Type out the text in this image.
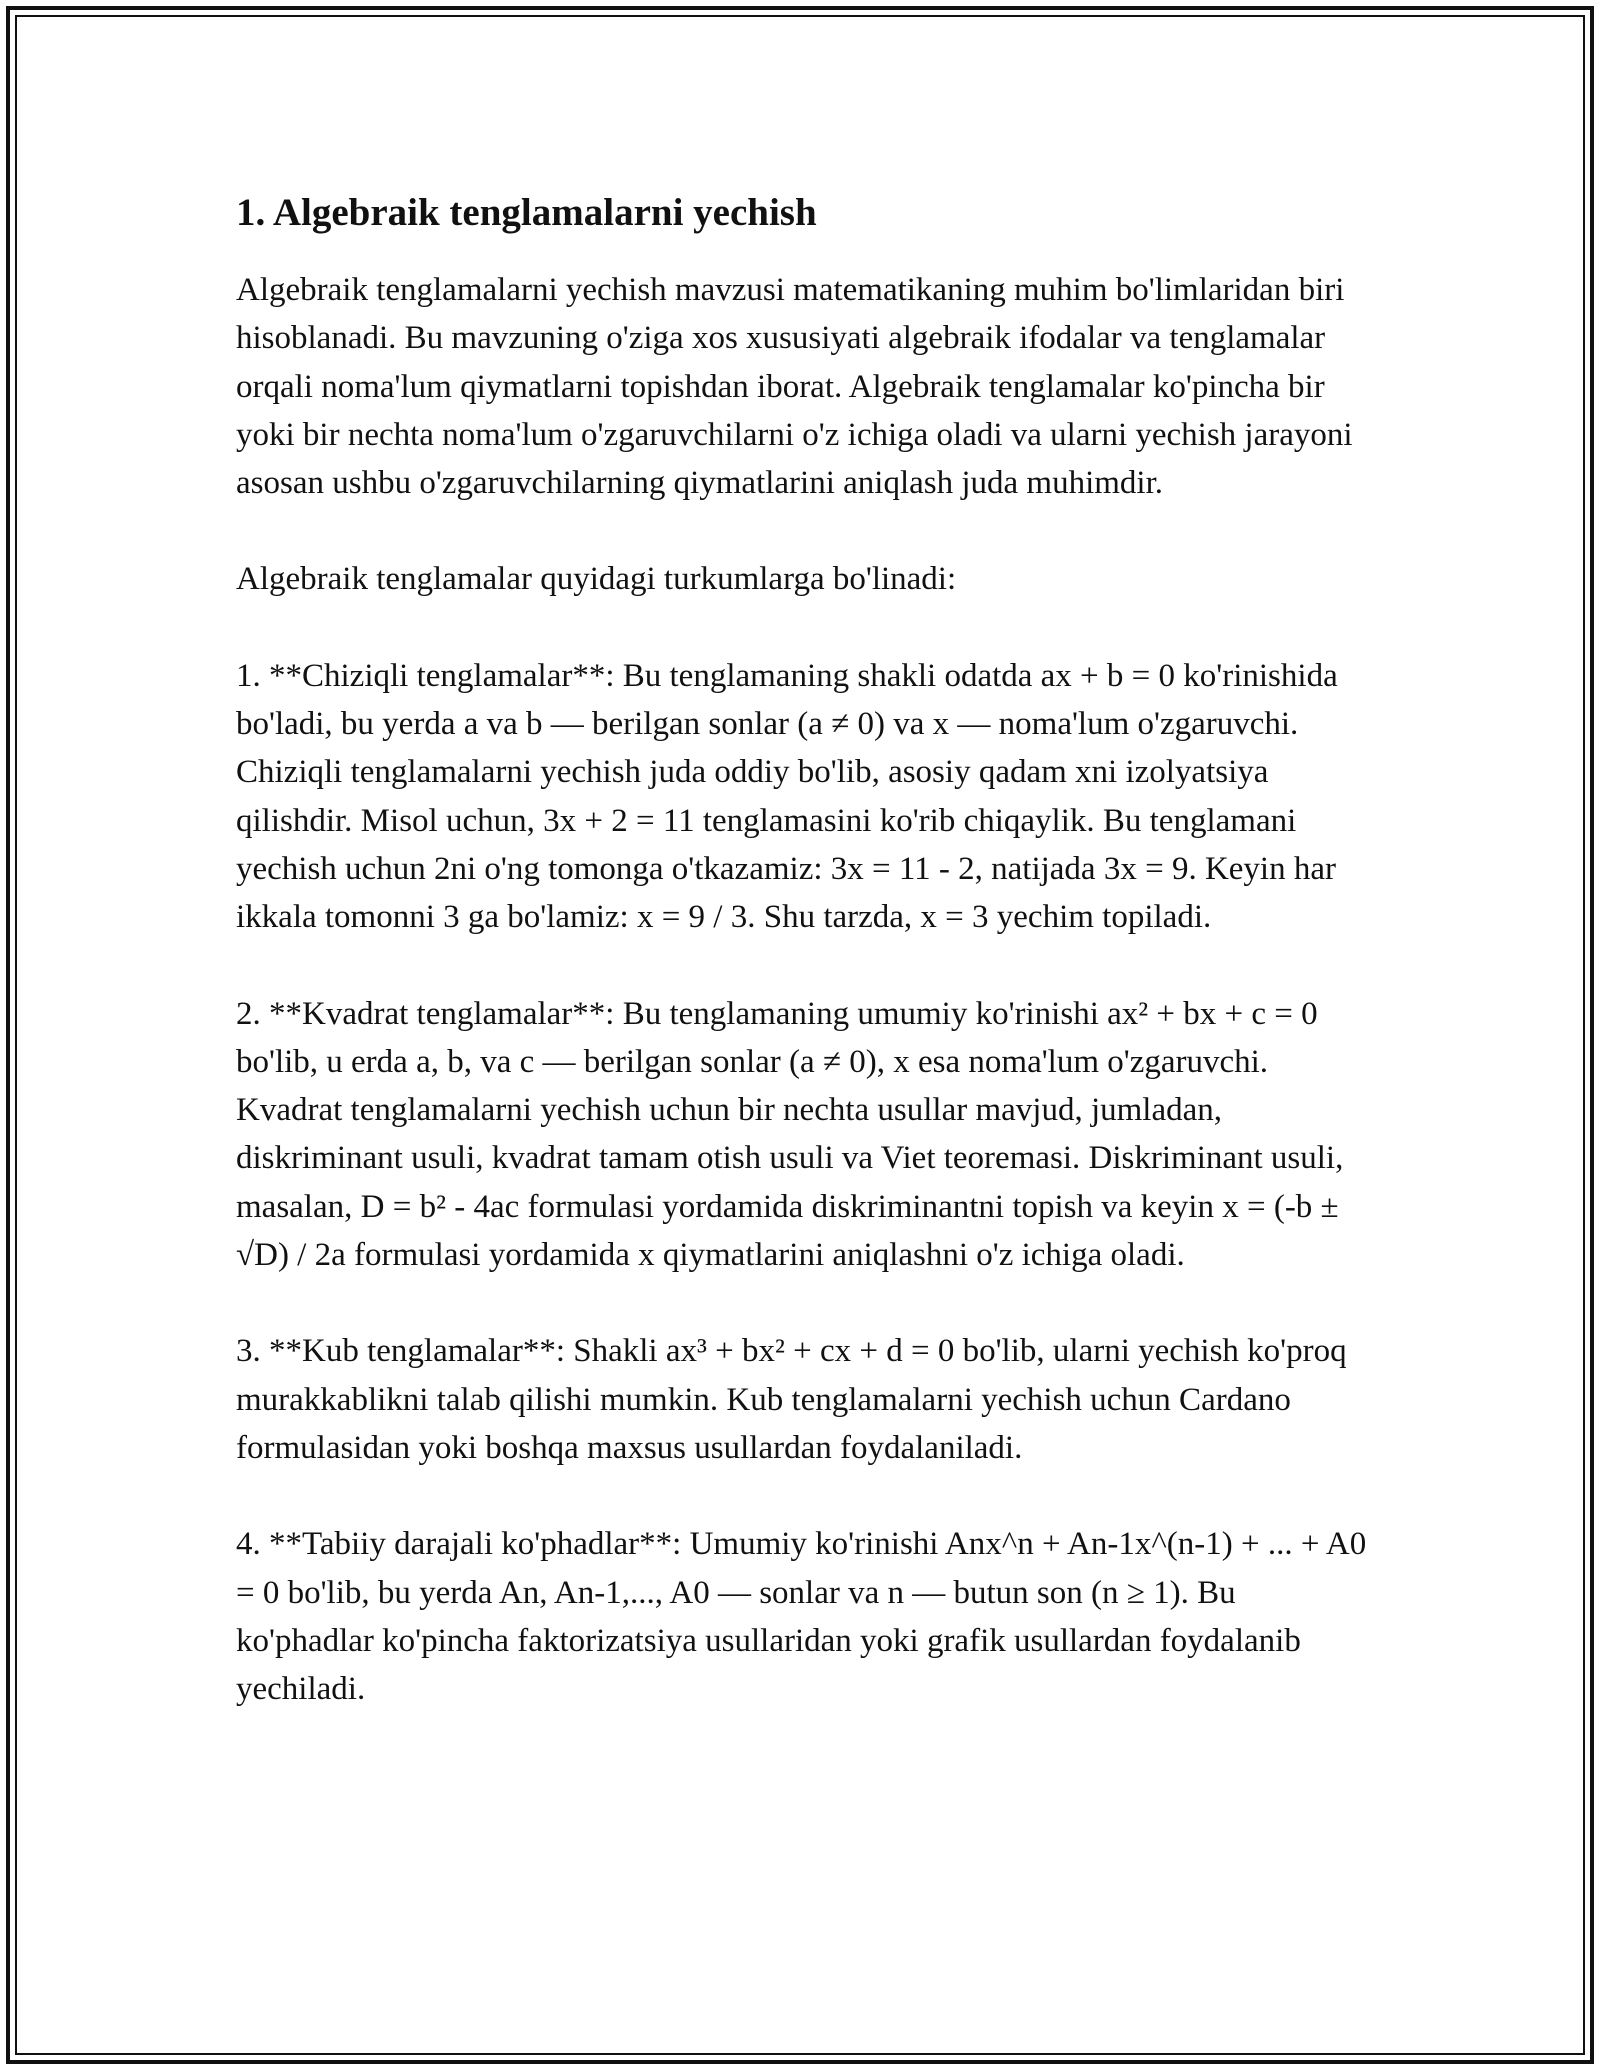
1. Algebraik tenglamalarni yechish

Algebraik tenglamalarni yechish mavzusi matematikaning muhim bo'limlaridan biri hisoblanadi. Bu mavzuning o'ziga xos xususiyati algebraik ifodalar va tenglamalar orqali noma'lum qiymatlarni topishdan iborat. Algebraik tenglamalar ko'pincha bir yoki bir nechta noma'lum o'zgaruvchilarni o'z ichiga oladi va ularni yechish jarayoni asosan ushbu o'zgaruvchilarning qiymatlarini aniqlash juda muhimdir.

Algebraik tenglamalar quyidagi turkumlarga bo'linadi:

1. **Chiziqli tenglamalar**: Bu tenglamaning shakli odatda ax + b = 0 ko'rinishida bo'ladi, bu yerda a va b — berilgan sonlar (a ≠ 0) va x — noma'lum o'zgaruvchi. Chiziqli tenglamalarni yechish juda oddiy bo'lib, asosiy qadam xni izolyatsiya qilishdir. Misol uchun, 3x + 2 = 11 tenglamasini ko'rib chiqaylik. Bu tenglamani yechish uchun 2ni o'ng tomonga o'tkazamiz: 3x = 11 - 2, natijada 3x = 9. Keyin har ikkala tomonni 3 ga bo'lamiz: x = 9 / 3. Shu tarzda, x = 3 yechim topiladi.

2. **Kvadrat tenglamalar**: Bu tenglamaning umumiy ko'rinishi ax² + bx + c = 0 bo'lib, u erda a, b, va c — berilgan sonlar (a ≠ 0), x esa noma'lum o'zgaruvchi. Kvadrat tenglamalarni yechish uchun bir nechta usullar mavjud, jumladan, diskriminant usuli, kvadrat tamam otish usuli va Viet teoremasi. Diskriminant usuli, masalan, D = b² - 4ac formulasi yordamida diskriminantni topish va keyin x = (-b ± √D) / 2a formulasi yordamida x qiymatlarini aniqlashni o'z ichiga oladi.

3. **Kub tenglamalar**: Shakli ax³ + bx² + cx + d = 0 bo'lib, ularni yechish ko'proq murakkablikni talab qilishi mumkin. Kub tenglamalarni yechish uchun Cardano formulasidan yoki boshqa maxsus usullardan foydalaniladi.

4. **Tabiiy darajali ko'phadlar**: Umumiy ko'rinishi Anx^n + An-1x^(n-1) + ... + A0 = 0 bo'lib, bu yerda An, An-1,..., A0 — sonlar va n — butun son (n ≥ 1). Bu ko'phadlar ko'pincha faktorizatsiya usullaridan yoki grafik usullardan foydalanib yechiladi.
